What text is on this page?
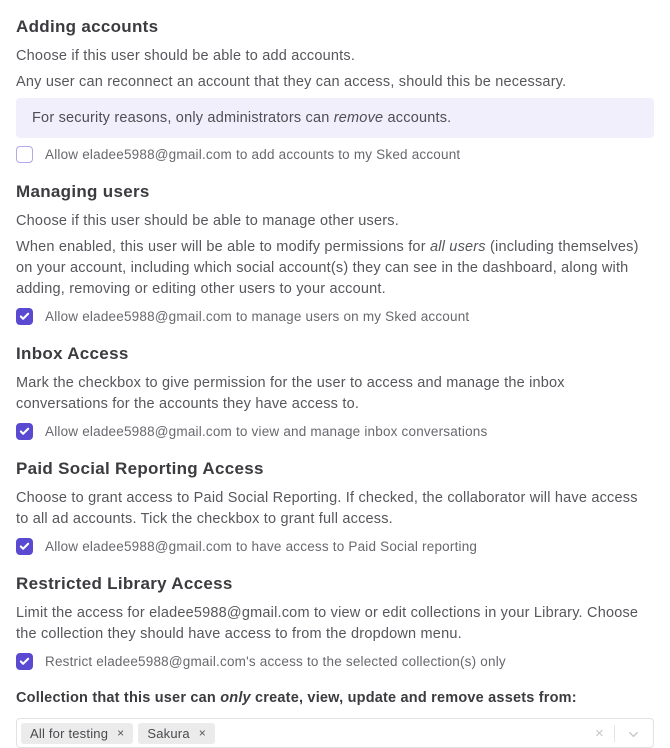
Adding accounts

Choose if this user should be able to add accounts.

Any user can reconnect an account that they can access, should this be necessary.

For security reasons, only administrators can remove accounts.
Allow eladee5988@gmail.com to add accounts to my Sked account
Managing users

Choose if this user should be able to manage other users.

When enabled, this user will be able to modify permissions for all users (including themselves) on your account, including which social account(s) they can see in the dashboard, along with adding, removing or editing other users to your account.

Allow eladee5988@gmail.com to manage users on my Sked account
Inbox Access

Mark the checkbox to give permission for the user to access and manage the inbox conversations for the accounts they have access to.

Allow eladee5988@gmail.com to view and manage inbox conversations
Paid Social Reporting Access

Choose to grant access to Paid Social Reporting. If checked, the collaborator will have access to all ad accounts. Tick the checkbox to grant full access.

Allow eladee5988@gmail.com to have access to Paid Social reporting
Restricted Library Access

Limit the access for eladee5988@gmail.com to view or edit collections in your Library. Choose the collection they should have access to from the dropdown menu.

Restrict eladee5988@gmail.com's access to the selected collection(s) only
Collection that this user can only create, view, update and remove assets from:
All for testing × Sakura ×	×
